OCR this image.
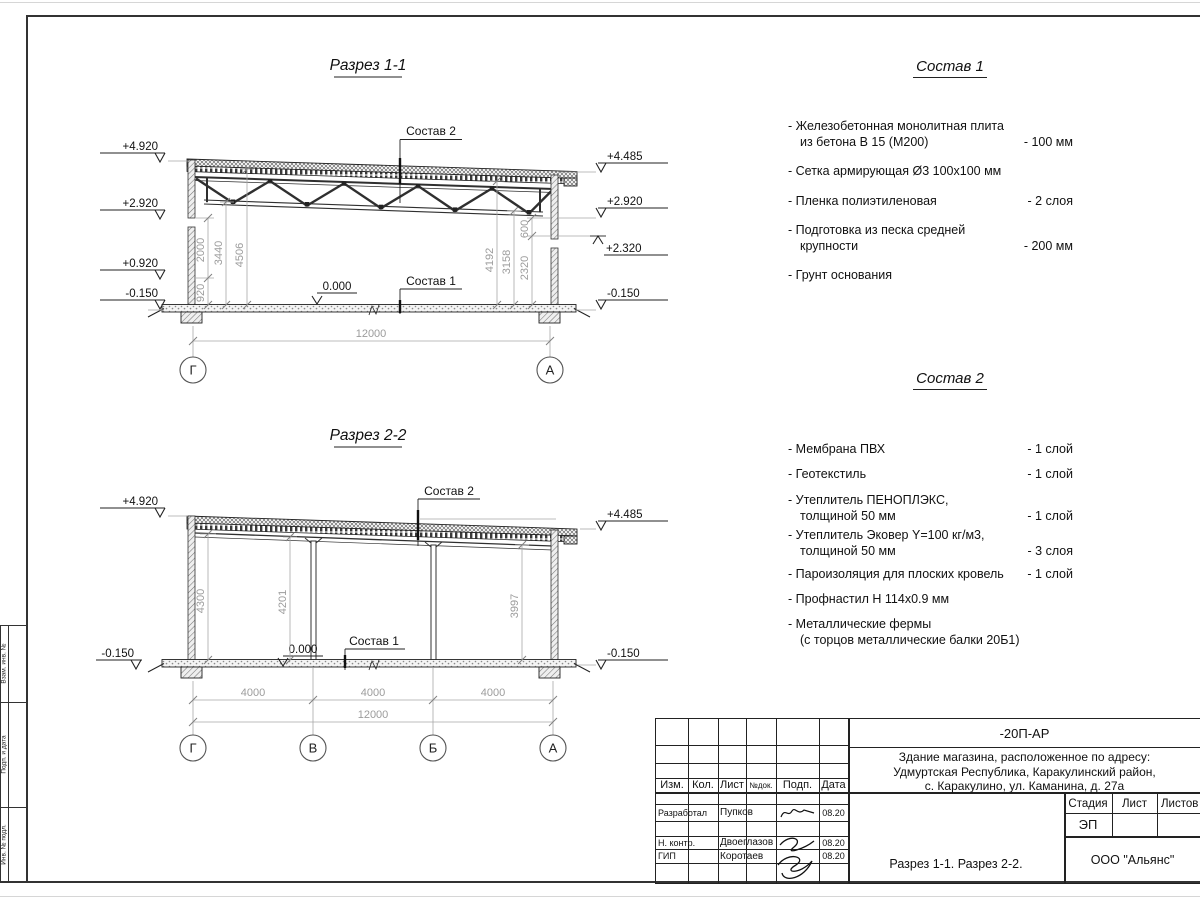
Разрез 1-1
Состав 2
Состав 1
0.000
+4.920
+2.920
+0.920
-0.150
+4.485
+2.920
+2.320
-0.150
920
2000 3440 4506
600
2320
3158
4192
12000
Г	А
Разрез 2-2
Состав 2
Состав 1
0.000
+4.920
-0.150
+4.485
-0.150
4300	4201	3997
4000	4000	4000
12000
Г	В	Б	А
Состав 1
- Железобетонная монолитная плита
из бетона В 15 (М200)	- 100 мм
- Сетка армирующая Ø3 100х100 мм
- Пленка полиэтиленовая	- 2 слоя
- Подготовка из песка средней
крупности	- 200 мм
- Грунт основания
Состав 2
- Мембрана ПВХ	- 1 слой
- Геотекстиль	- 1 слой
- Утеплитель ПЕНОПЛЭКС,
толщиной 50 мм	- 1 слой
- Утеплитель Эковер Y=100 кг/м3,
толщиной 50 мм	- 3 слоя
- Пароизоляция для плоских кровель	- 1 слой
- Профнастил Н 114х0.9 мм
- Металлические фермы
(с торцов металлические балки 20Б1)
Изм. Кол. Лист №док. Подп. Дата
Разработал	Пупков	08.20
Н. контр.	Двоеглазов	08.20
ГИП	Коротаев	08.20
-20П-АР
Здание магазина, расположенное по адресу:
Удмуртская Республика, Каракулинский район,
с. Каракулино, ул. Каманина, д. 27а
Стадия	Лист	Листов
ЭП
Разрез 1-1. Разрез 2-2.	ООО "Альянс"
Взам. инв. №
Подп. и дата
Инв. № подл.
